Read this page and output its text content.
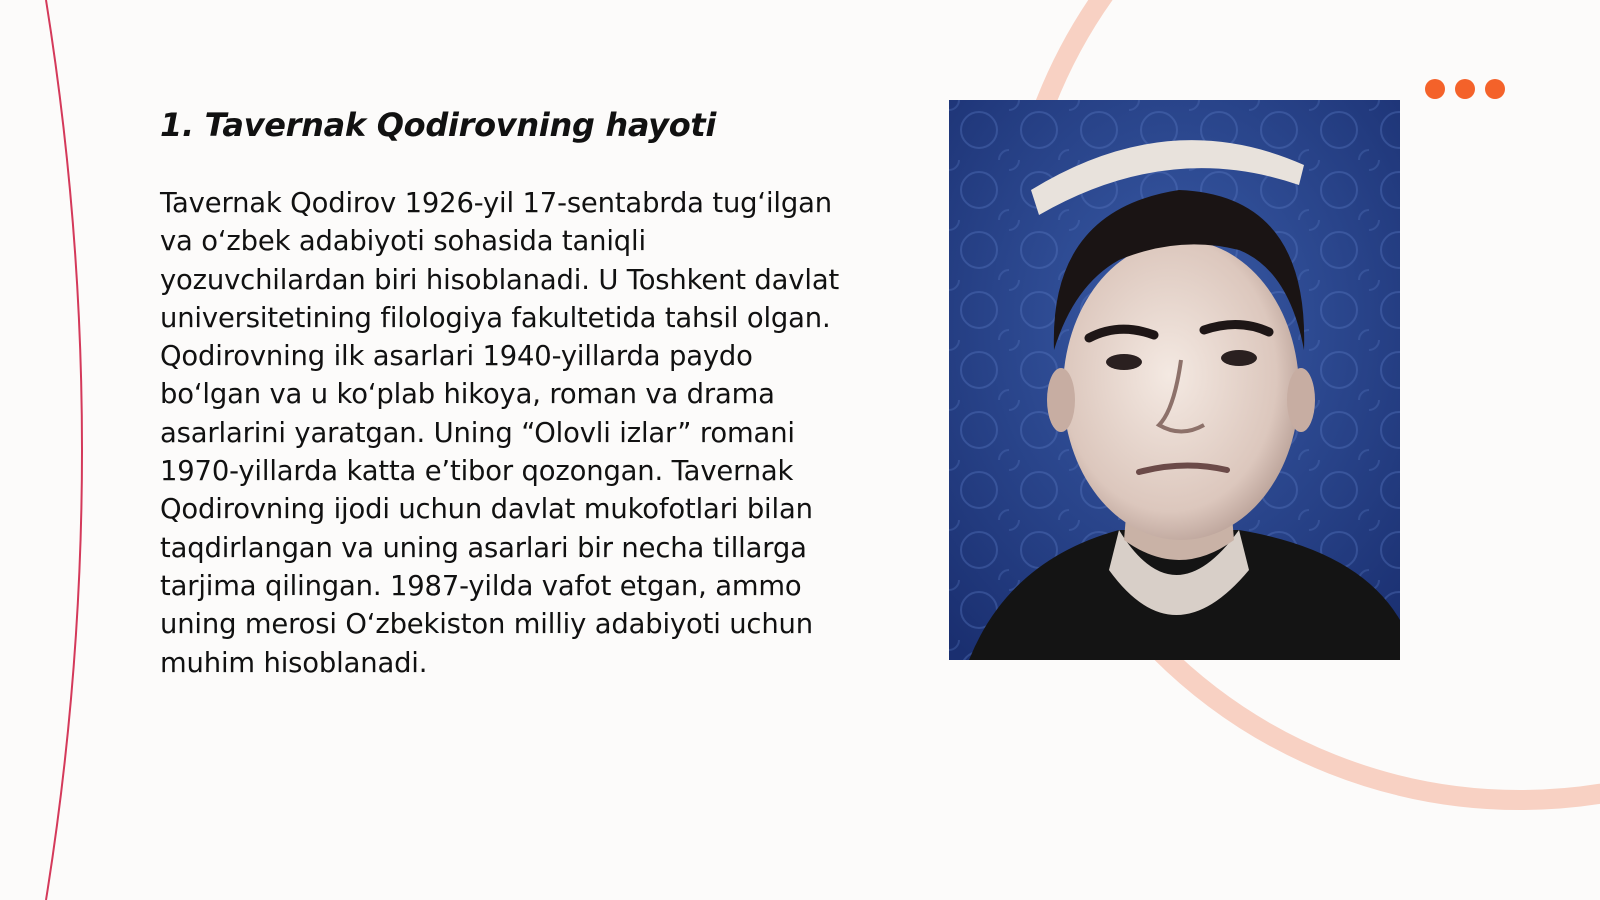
1. Tavernak Qodirovning hayoti

Tavernak Qodirov 1926-yil 17-sentabrda tug‘ilgan va o‘zbek adabiyoti sohasida taniqli yozuvchilardan biri hisoblanadi. U Toshkent davlat universitetining filologiya fakultetida tahsil olgan. Qodirovning ilk asarlari 1940-yillarda paydo bo‘lgan va u ko‘plab hikoya, roman va drama asarlarini yaratgan. Uning “Olovli izlar” romani 1970-yillarda katta e’tibor qozongan. Tavernak Qodirovning ijodi uchun davlat mukofotlari bilan taqdirlangan va uning asarlari bir necha tillarga tarjima qilingan. 1987-yilda vafot etgan, ammo uning merosi O‘zbekiston milliy adabiyoti uchun muhim hisoblanadi.
